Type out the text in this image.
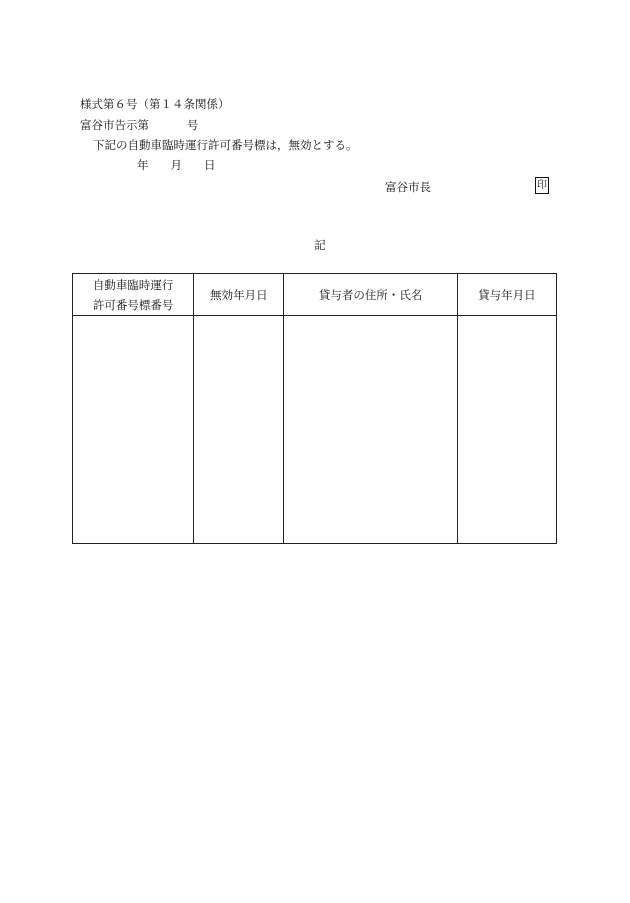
様式第６号（第１４条関係）
富谷市告示第	号
下記の自動車臨時運行許可番号標は，無効とする。
年 月 日
富谷市長	印
記
自動車臨時運行
許可番号標番号	無効年月日	貸与者の住所・氏名	貸与年月日
